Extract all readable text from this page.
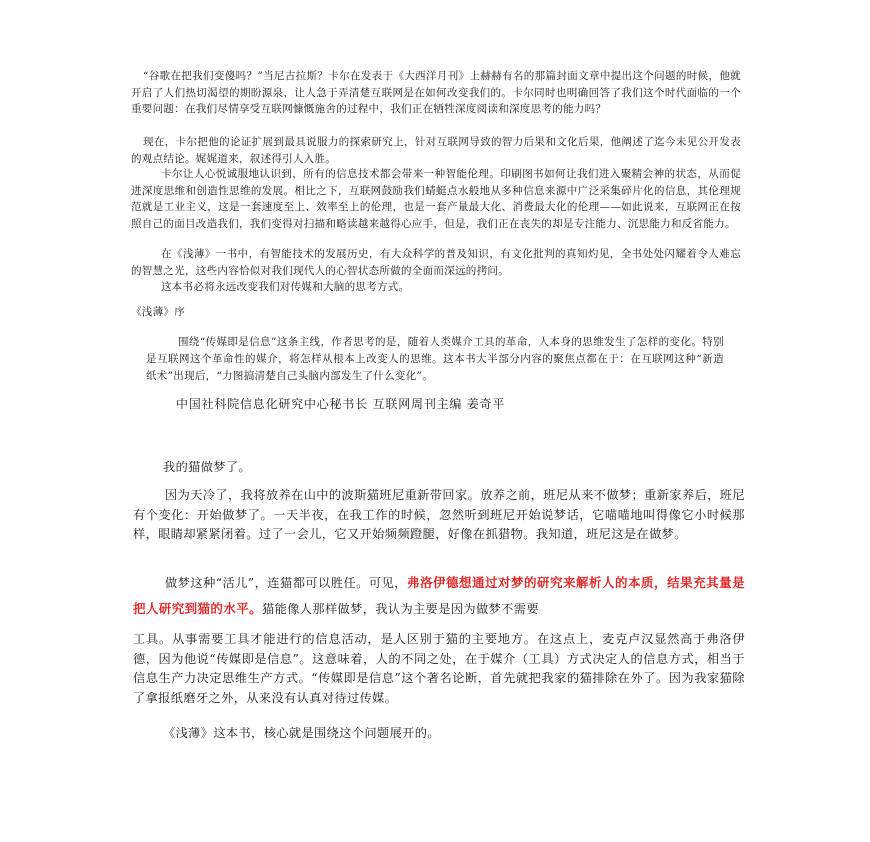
“谷歌在把我们变傻吗？”当尼古拉斯？卡尔在发表于《大西洋月刊》上赫赫有名的那篇封面文章中提出这个问题的时候，他就开启了人们热切渴望的期盼源泉，让人急于弄清楚互联网是在如何改变我们的。卡尔同时也明确回答了我们这个时代面临的一个重要问题：在我们尽情享受互联网慷慨施舍的过程中，我们正在牺牲深度阅读和深度思考的能力吗？

现在，卡尔把他的论证扩展到最具说服力的探索研究上，针对互联网导致的智力后果和文化后果，他阐述了迄今未见公开发表的观点结论。娓娓道来，叙述得引人入胜。

卡尔让人心悦诚服地认识到，所有的信息技术都会带来一种智能伦理。印刷图书如何让我们进入聚精会神的状态，从而促进深度思维和创造性思维的发展。相比之下，互联网鼓励我们蜻蜓点水般地从多种信息来源中广泛采集碎片化的信息，其伦理规范就是工业主义，这是一套速度至上、效率至上的伦理，也是一套产量最大化、消费最大化的伦理——如此说来，互联网正在按照自己的面目改造我们，我们变得对扫描和略读越来越得心应手，但是，我们正在丧失的却是专注能力、沉思能力和反省能力。

在《浅薄》一书中，有智能技术的发展历史，有大众科学的普及知识，有文化批判的真知灼见，全书处处闪耀着令人难忘的智慧之光，这些内容恰似对我们现代人的心智状态所做的全面而深远的拷问。

这本书必将永远改变我们对传媒和大脑的思考方式。

《浅薄》序

围绕“传媒即是信息”这条主线，作者思考的是，随着人类媒介工具的革命，人本身的思维发生了怎样的变化。特别是互联网这个革命性的媒介，将怎样从根本上改变人的思维。这本书大半部分内容的聚焦点都在于：在互联网这种“新造纸术”出现后，“力图搞清楚自己头脑内部发生了什么变化”。

中国社科院信息化研究中心秘书长 互联网周刊主编 姜奇平

我的猫做梦了。

因为天冷了，我将放养在山中的波斯猫班尼重新带回家。放养之前，班尼从来不做梦；重新家养后，班尼有个变化：开始做梦了。一天半夜，在我工作的时候，忽然听到班尼开始说梦话，它喵喵地叫得像它小时候那样，眼睛却紧紧闭着。过了一会儿，它又开始频频蹬腿，好像在抓猎物。我知道，班尼这是在做梦。

做梦这种“活儿”，连猫都可以胜任。可见，弗洛伊德想通过对梦的研究来解析人的本质，结果充其量是把人研究到猫的水平。猫能像人那样做梦，我认为主要是因为做梦不需要

工具。从事需要工具才能进行的信息活动，是人区别于猫的主要地方。在这点上，麦克卢汉显然高于弗洛伊德，因为他说“传媒即是信息”。这意味着，人的不同之处，在于媒介（工具）方式决定人的信息方式，相当于信息生产力决定思维生产方式。“传媒即是信息”这个著名论断，首先就把我家的猫排除在外了。因为我家猫除了拿报纸磨牙之外，从来没有认真对待过传媒。

《浅薄》这本书，核心就是围绕这个问题展开的。
